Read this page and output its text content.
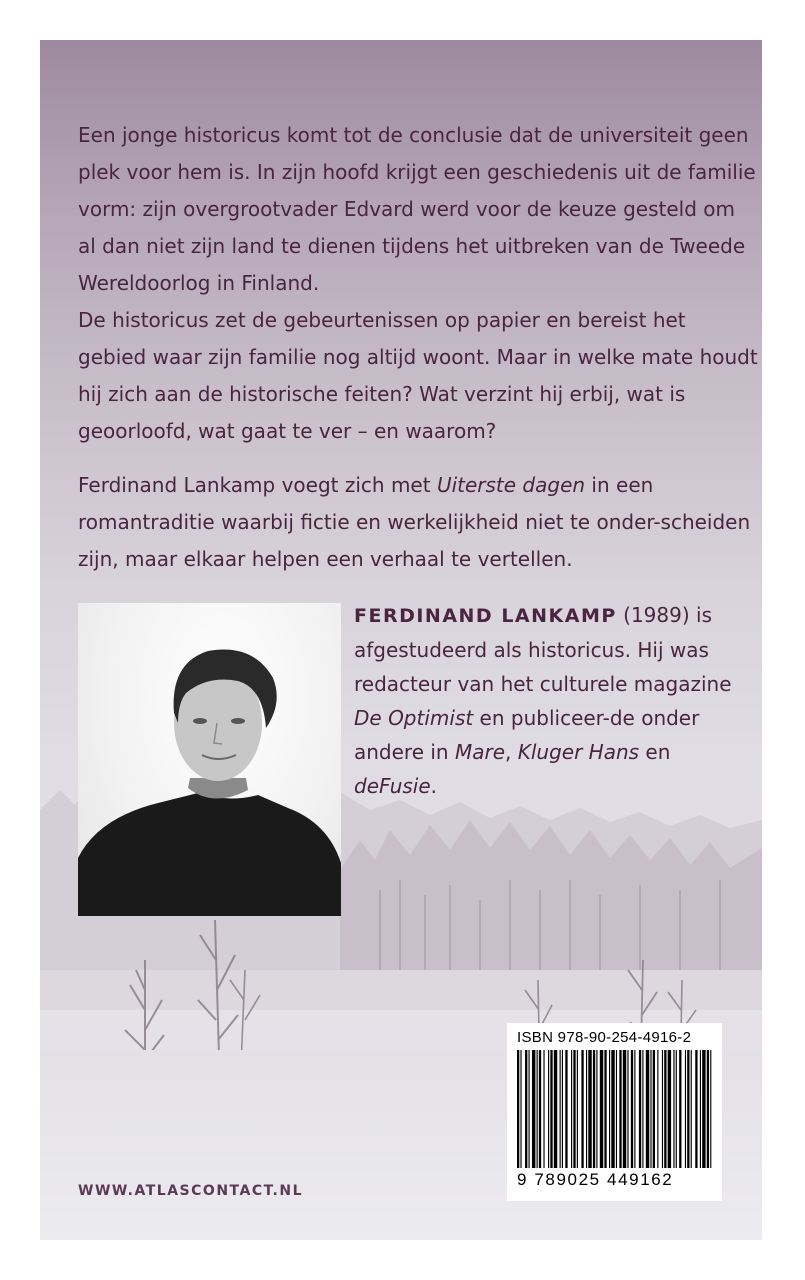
Een jonge historicus komt tot de conclusie dat de universiteit geen plek voor hem is. In zijn hoofd krijgt een geschiedenis uit de familie vorm: zijn overgrootvader Edvard werd voor de keuze gesteld om al dan niet zijn land te dienen tijdens het uitbreken van de Tweede Wereldoorlog in Finland.
De historicus zet de gebeurtenissen op papier en bereist het gebied waar zijn familie nog altijd woont. Maar in welke mate houdt hij zich aan de historische feiten? Wat verzint hij erbij, wat is geoorloofd, wat gaat te ver – en waarom?

Ferdinand Lankamp voegt zich met Uiterste dagen in een romantraditie waarbij fictie en werkelijkheid niet te onder-scheiden zijn, maar elkaar helpen een verhaal te vertellen.

FERDINAND LANKAMP (1989) is afgestudeerd als historicus. Hij was redacteur van het culturele magazine De Optimist en publiceer-de onder andere in Mare, Kluger Hans en deFusie.

ISBN 978-90-254-4916-2

9 789025 449162

WWW.ATLASCONTACT.NL
